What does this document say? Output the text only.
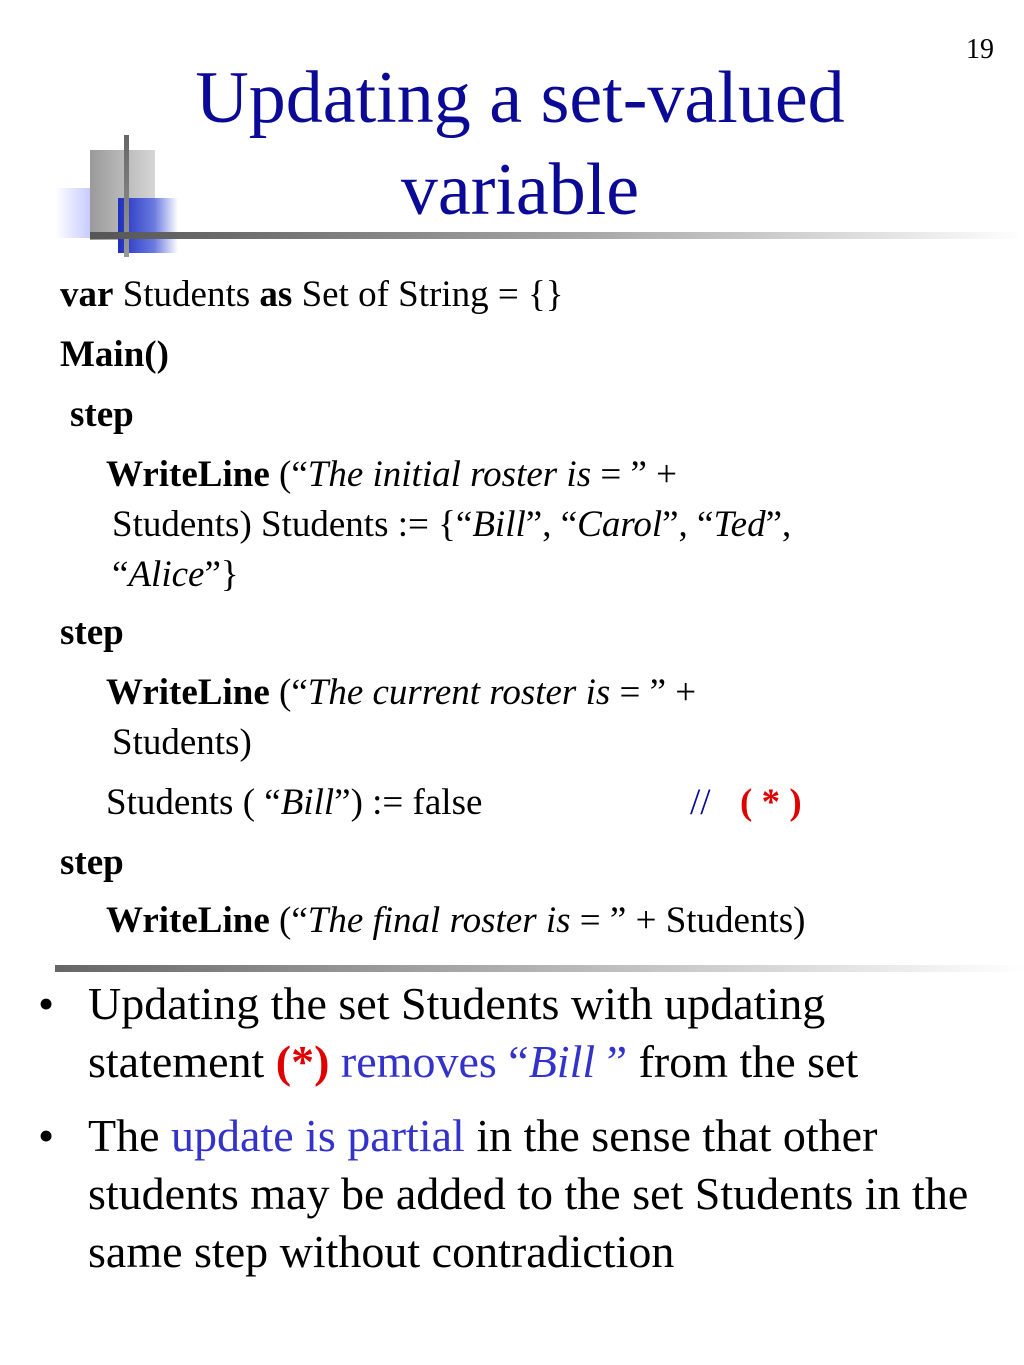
19
Updating a set-valued
variable
var Students as Set of String = {}
Main()
step
WriteLine (“The initial roster is = ” +
Students) Students := {“Bill”, “Carol”, “Ted”,
“Alice”}
step
WriteLine (“The current roster is = ” +
Students)
Students ( “Bill”) := false	// ( * )
step
WriteLine (“The final roster is = ” + Students)
• Updating the set Students with updating statement (*) removes “Bill ” from the set
• The update is partial in the sense that other students may be added to the set Students in the same step without contradiction
